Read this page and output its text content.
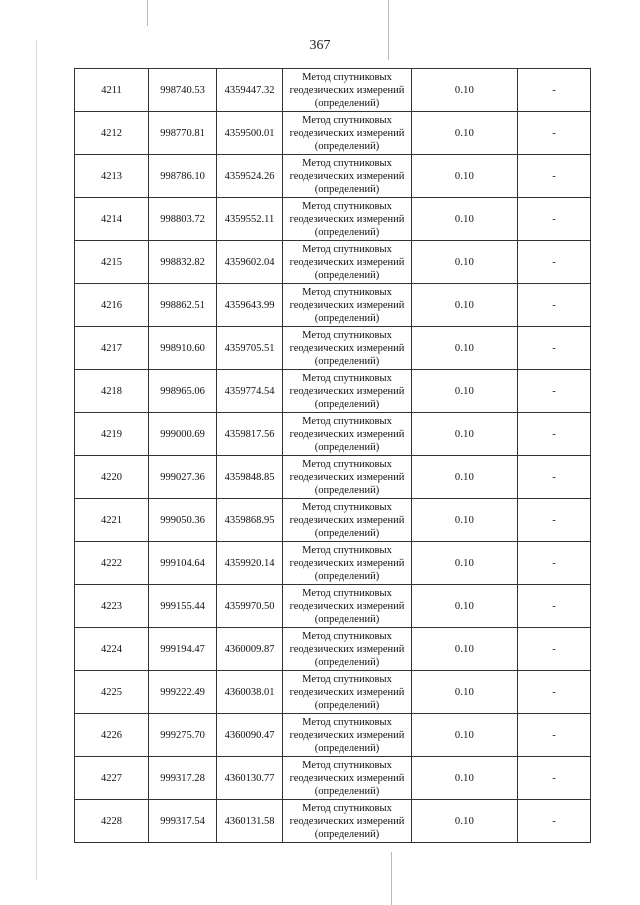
367
4211	998740.53	4359447.32	Метод спутниковых
геодезических измерений
(определений)	0.10	-
4212	998770.81	4359500.01	Метод спутниковых
геодезических измерений
(определений)	0.10	-
4213	998786.10	4359524.26	Метод спутниковых
геодезических измерений
(определений)	0.10	-
4214	998803.72	4359552.11	Метод спутниковых
геодезических измерений
(определений)	0.10	-
4215	998832.82	4359602.04	Метод спутниковых
геодезических измерений
(определений)	0.10	-
4216	998862.51	4359643.99	Метод спутниковых
геодезических измерений
(определений)	0.10	-
4217	998910.60	4359705.51	Метод спутниковых
геодезических измерений
(определений)	0.10	-
4218	998965.06	4359774.54	Метод спутниковых
геодезических измерений
(определений)	0.10	-
4219	999000.69	4359817.56	Метод спутниковых
геодезических измерений
(определений)	0.10	-
4220	999027.36	4359848.85	Метод спутниковых
геодезических измерений
(определений)	0.10	-
4221	999050.36	4359868.95	Метод спутниковых
геодезических измерений
(определений)	0.10	-
4222	999104.64	4359920.14	Метод спутниковых
геодезических измерений
(определений)	0.10	-
4223	999155.44	4359970.50	Метод спутниковых
геодезических измерений
(определений)	0.10	-
4224	999194.47	4360009.87	Метод спутниковых
геодезических измерений
(определений)	0.10	-
4225	999222.49	4360038.01	Метод спутниковых
геодезических измерений
(определений)	0.10	-
4226	999275.70	4360090.47	Метод спутниковых
геодезических измерений
(определений)	0.10	-
4227	999317.28	4360130.77	Метод спутниковых
геодезических измерений
(определений)	0.10	-
4228	999317.54	4360131.58	Метод спутниковых
геодезических измерений
(определений)	0.10	-
